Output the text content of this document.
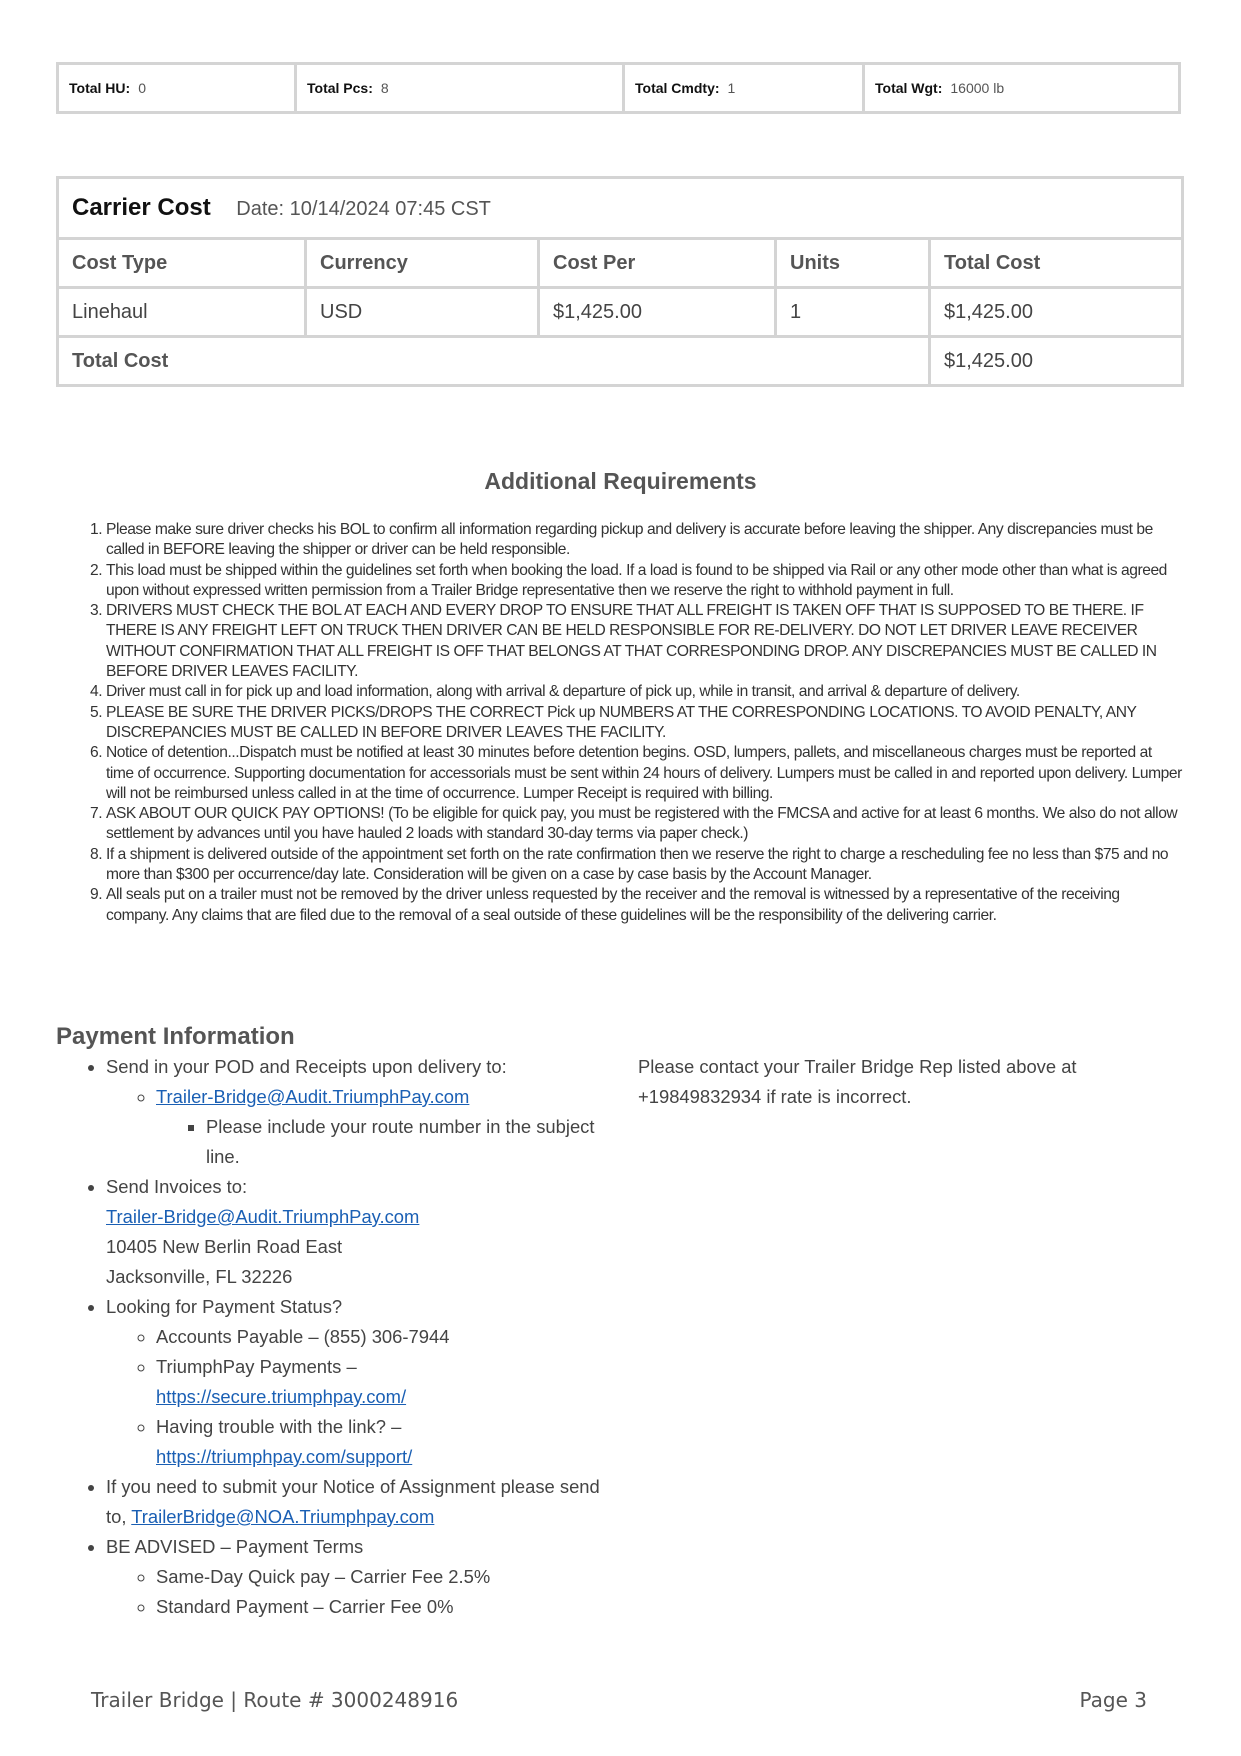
Total HU: 0	Total Pcs: 8	Total Cmdty: 1	Total Wgt: 16000 lb
Carrier Cost Date: 10/14/2024 07:45 CST				
Cost Type	Currency	Cost Per	Units	Total Cost
Linehaul	USD	$1,425.00	1	$1,425.00
Total Cost				$1,425.00
Additional Requirements
1. Please make sure driver checks his BOL to confirm all information regarding pickup and delivery is accurate before leaving the shipper. Any discrepancies must be called in BEFORE leaving the shipper or driver can be held responsible.
2. This load must be shipped within the guidelines set forth when booking the load. If a load is found to be shipped via Rail or any other mode other than what is agreed upon without expressed written permission from a Trailer Bridge representative then we reserve the right to withhold payment in full.
3. DRIVERS MUST CHECK THE BOL AT EACH AND EVERY DROP TO ENSURE THAT ALL FREIGHT IS TAKEN OFF THAT IS SUPPOSED TO BE THERE. IF THERE IS ANY FREIGHT LEFT ON TRUCK THEN DRIVER CAN BE HELD RESPONSIBLE FOR RE-DELIVERY. DO NOT LET DRIVER LEAVE RECEIVER WITHOUT CONFIRMATION THAT ALL FREIGHT IS OFF THAT BELONGS AT THAT CORRESPONDING DROP. ANY DISCREPANCIES MUST BE CALLED IN BEFORE DRIVER LEAVES FACILITY.
4. Driver must call in for pick up and load information, along with arrival & departure of pick up, while in transit, and arrival & departure of delivery.
5. PLEASE BE SURE THE DRIVER PICKS/DROPS THE CORRECT Pick up NUMBERS AT THE CORRESPONDING LOCATIONS. TO AVOID PENALTY, ANY DISCREPANCIES MUST BE CALLED IN BEFORE DRIVER LEAVES THE FACILITY.
6. Notice of detention...Dispatch must be notified at least 30 minutes before detention begins. OSD, lumpers, pallets, and miscellaneous charges must be reported at time of occurrence. Supporting documentation for accessorials must be sent within 24 hours of delivery. Lumpers must be called in and reported upon delivery. Lumper will not be reimbursed unless called in at the time of occurrence. Lumper Receipt is required with billing.
7. ASK ABOUT OUR QUICK PAY OPTIONS! (To be eligible for quick pay, you must be registered with the FMCSA and active for at least 6 months. We also do not allow settlement by advances until you have hauled 2 loads with standard 30-day terms via paper check.)
8. If a shipment is delivered outside of the appointment set forth on the rate confirmation then we reserve the right to charge a rescheduling fee no less than $75 and no more than $300 per occurrence/day late. Consideration will be given on a case by case basis by the Account Manager.
9. All seals put on a trailer must not be removed by the driver unless requested by the receiver and the removal is witnessed by a representative of the receiving company. Any claims that are filed due to the removal of a seal outside of these guidelines will be the responsibility of the delivering carrier.
Payment Information
• Send in your POD and Receipts upon delivery to:
◦ Trailer-Bridge@Audit.TriumphPay.com
▪ Please include your route number in the subject line.
• Send Invoices to:
Trailer-Bridge@Audit.TriumphPay.com
10405 New Berlin Road East
Jacksonville, FL 32226
• Looking for Payment Status?
◦ Accounts Payable – (855) 306-7944
◦ TriumphPay Payments –
https://secure.triumphpay.com/
◦ Having trouble with the link? –
https://triumphpay.com/support/
• If you need to submit your Notice of Assignment please send to, TrailerBridge@NOA.Triumphpay.com
• BE ADVISED – Payment Terms
◦ Same-Day Quick pay – Carrier Fee 2.5%
◦ Standard Payment – Carrier Fee 0%
Please contact your Trailer Bridge Rep listed above at +19849832934 if rate is incorrect.
Trailer Bridge | Route # 3000248916	Page 3
